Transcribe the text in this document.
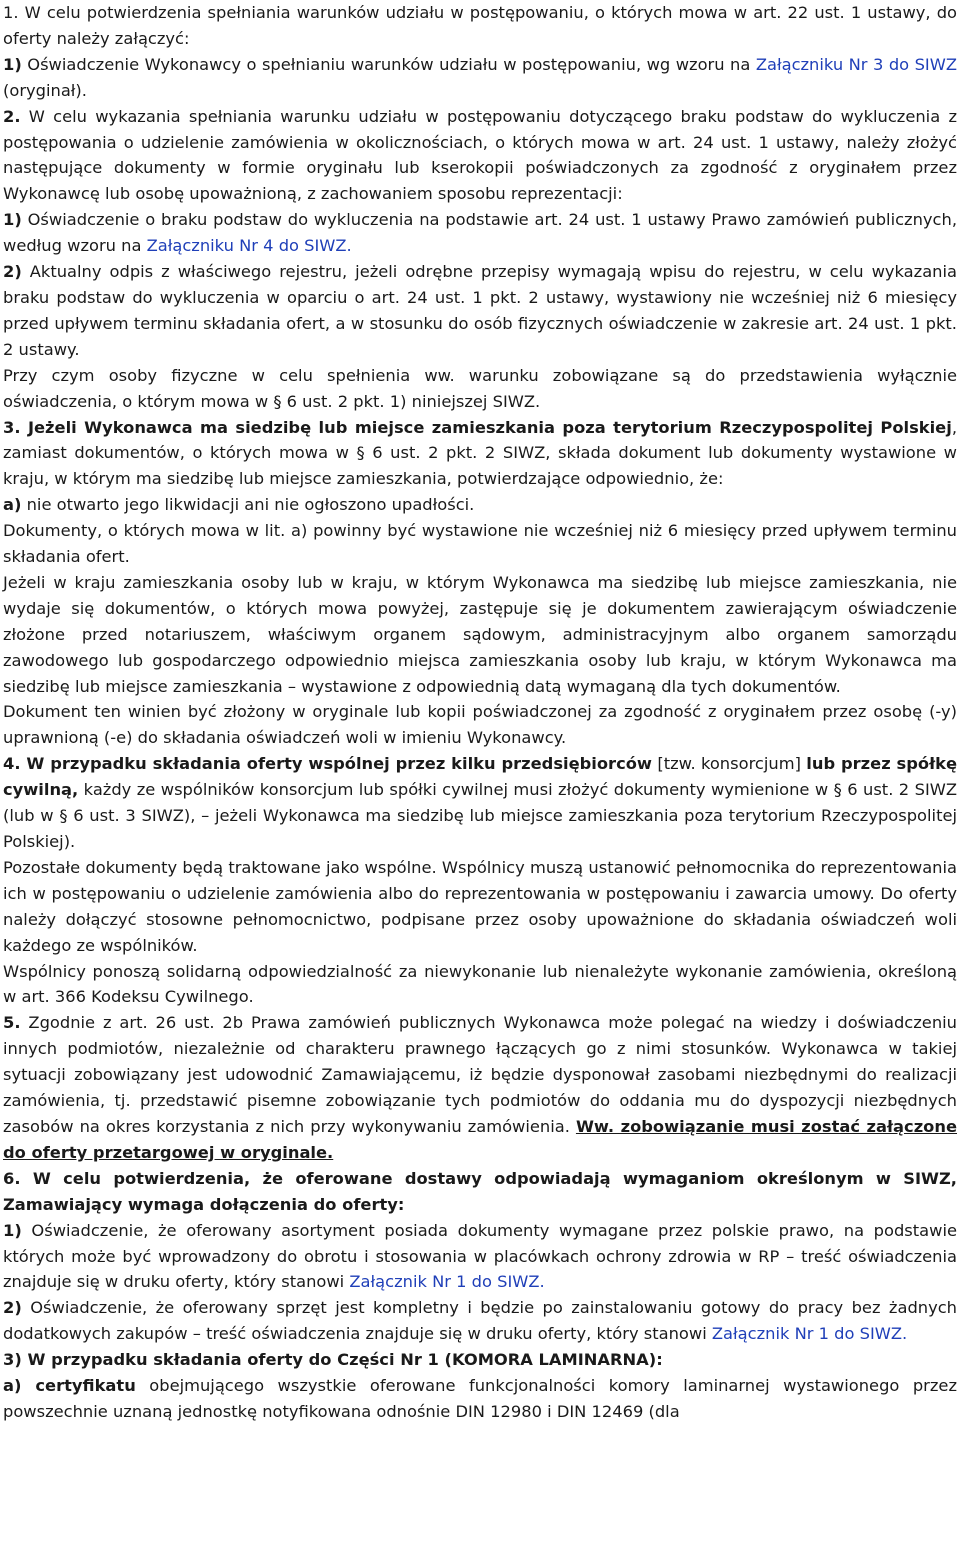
1. W celu potwierdzenia spełniania warunków udziału w postępowaniu, o których mowa w art. 22 ust. 1 ustawy, do oferty należy załączyć:

1) Oświadczenie Wykonawcy o spełnianiu warunków udziału w postępowaniu, wg wzoru na Załączniku Nr 3 do SIWZ (oryginał).

2. W celu wykazania spełniania warunku udziału w postępowaniu dotyczącego braku podstaw do wykluczenia z postępowania o udzielenie zamówienia w okolicznościach, o których mowa w art. 24 ust. 1 ustawy, należy złożyć następujące dokumenty w formie oryginału lub kserokopii poświadczonych za zgodność z oryginałem przez Wykonawcę lub osobę upoważnioną, z zachowaniem sposobu reprezentacji:

1) Oświadczenie o braku podstaw do wykluczenia na podstawie art. 24 ust. 1 ustawy Prawo zamówień publicznych, według wzoru na Załączniku Nr 4 do SIWZ.

2) Aktualny odpis z właściwego rejestru, jeżeli odrębne przepisy wymagają wpisu do rejestru, w celu wykazania braku podstaw do wykluczenia w oparciu o art. 24 ust. 1 pkt. 2 ustawy, wystawiony nie wcześniej niż 6 miesięcy przed upływem terminu składania ofert, a w stosunku do osób fizycznych oświadczenie w zakresie art. 24 ust. 1 pkt. 2 ustawy.

Przy czym osoby fizyczne w celu spełnienia ww. warunku zobowiązane są do przedstawienia wyłącznie oświadczenia, o którym mowa w § 6 ust. 2 pkt. 1) niniejszej SIWZ.

3. Jeżeli Wykonawca ma siedzibę lub miejsce zamieszkania poza terytorium Rzeczypospolitej Polskiej, zamiast dokumentów, o których mowa w § 6 ust. 2 pkt. 2 SIWZ, składa dokument lub dokumenty wystawione w kraju, w którym ma siedzibę lub miejsce zamieszkania, potwierdzające odpowiednio, że:

a) nie otwarto jego likwidacji ani nie ogłoszono upadłości.

Dokumenty, o których mowa w lit. a) powinny być wystawione nie wcześniej niż 6 miesięcy przed upływem terminu składania ofert.

Jeżeli w kraju zamieszkania osoby lub w kraju, w którym Wykonawca ma siedzibę lub miejsce zamieszkania, nie wydaje się dokumentów, o których mowa powyżej, zastępuje się je dokumentem zawierającym oświadczenie złożone przed notariuszem, właściwym organem sądowym, administracyjnym albo organem samorządu zawodowego lub gospodarczego odpowiednio miejsca zamieszkania osoby lub kraju, w którym Wykonawca ma siedzibę lub miejsce zamieszkania – wystawione z odpowiednią datą wymaganą dla tych dokumentów.

Dokument ten winien być złożony w oryginale lub kopii poświadczonej za zgodność z oryginałem przez osobę (-y) uprawnioną (-e) do składania oświadczeń woli w imieniu Wykonawcy.

4. W przypadku składania oferty wspólnej przez kilku przedsiębiorców [tzw. konsorcjum] lub przez spółkę cywilną, każdy ze wspólników konsorcjum lub spółki cywilnej musi złożyć dokumenty wymienione w § 6 ust. 2 SIWZ (lub w § 6 ust. 3 SIWZ), – jeżeli Wykonawca ma siedzibę lub miejsce zamieszkania poza terytorium Rzeczypospolitej Polskiej).

Pozostałe dokumenty będą traktowane jako wspólne. Wspólnicy muszą ustanowić pełnomocnika do reprezentowania ich w postępowaniu o udzielenie zamówienia albo do reprezentowania w postępowaniu i zawarcia umowy. Do oferty należy dołączyć stosowne pełnomocnictwo, podpisane przez osoby upoważnione do składania oświadczeń woli każdego ze wspólników.

Wspólnicy ponoszą solidarną odpowiedzialność za niewykonanie lub nienależyte wykonanie zamówienia, określoną w art. 366 Kodeksu Cywilnego.

5. Zgodnie z art. 26 ust. 2b Prawa zamówień publicznych Wykonawca może polegać na wiedzy i doświadczeniu innych podmiotów, niezależnie od charakteru prawnego łączących go z nimi stosunków. Wykonawca w takiej sytuacji zobowiązany jest udowodnić Zamawiającemu, iż będzie dysponował zasobami niezbędnymi do realizacji zamówienia, tj. przedstawić pisemne zobowiązanie tych podmiotów do oddania mu do dyspozycji niezbędnych zasobów na okres korzystania z nich przy wykonywaniu zamówienia. Ww. zobowiązanie musi zostać załączone do oferty przetargowej w oryginale.

6. W celu potwierdzenia, że oferowane dostawy odpowiadają wymaganiom określonym w SIWZ, Zamawiający wymaga dołączenia do oferty:

1) Oświadczenie, że oferowany asortyment posiada dokumenty wymagane przez polskie prawo, na podstawie których może być wprowadzony do obrotu i stosowania w placówkach ochrony zdrowia w RP – treść oświadczenia znajduje się w druku oferty, który stanowi Załącznik Nr 1 do SIWZ.

2) Oświadczenie, że oferowany sprzęt jest kompletny i będzie po zainstalowaniu gotowy do pracy bez żadnych dodatkowych zakupów – treść oświadczenia znajduje się w druku oferty, który stanowi Załącznik Nr 1 do SIWZ.

3) W przypadku składania oferty do Części Nr 1 (KOMORA LAMINARNA):

a) certyfikatu obejmującego wszystkie oferowane funkcjonalności komory laminarnej wystawionego przez powszechnie uznaną jednostkę notyfikowana odnośnie DIN 12980 i DIN 12469 (dla
